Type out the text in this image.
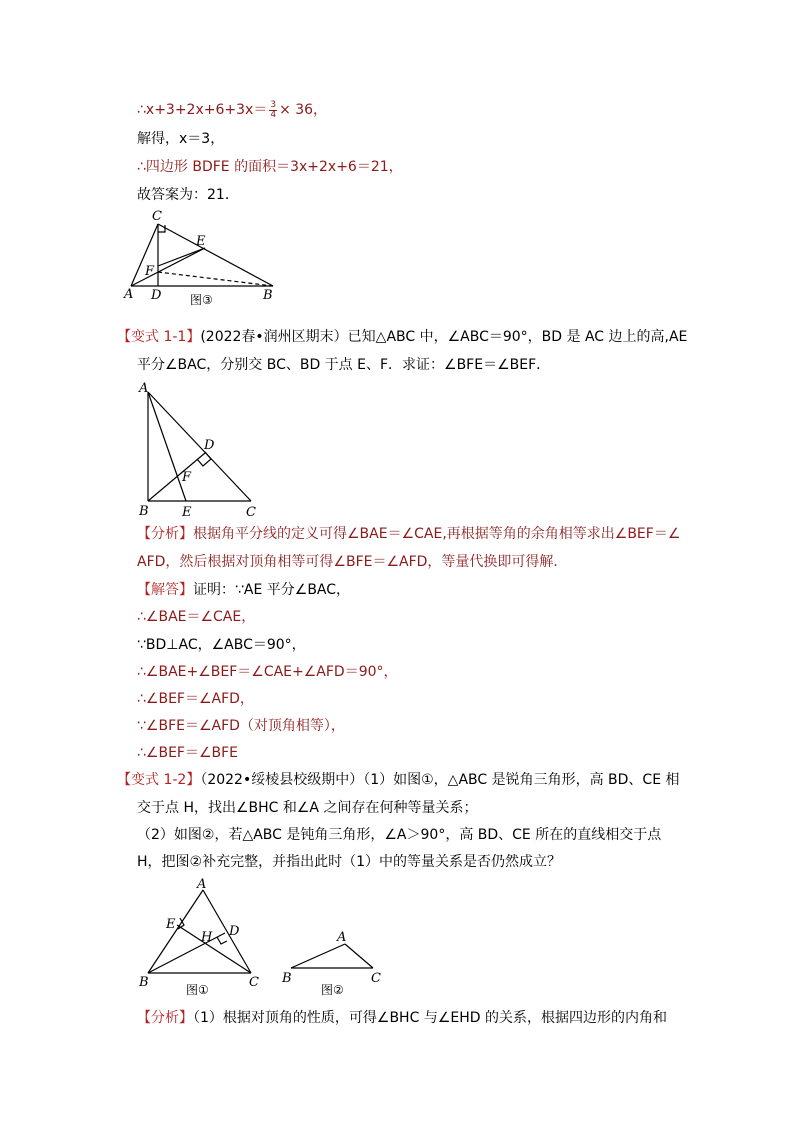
∴x+3+2x+6+3x＝ $\frac{3}{4} \times 36$，
解得，x＝3，
∴四边形 BDFE 的面积＝3x+2x+6＝21，
故答案为：21．
C
E
F
A D	B
图③
A
D
F
B	E	C
A
E
H D
B	C
图①
A
B	C
图②
【变式 1-1】(2022春•润州区期末）已知△ABC 中，∠ABC＝90°，BD 是 AC 边上的高,AE
平分∠BAC，分别交 BC、BD 于点 E、F．求证：∠BFE＝∠BEF．
【分析】根据角平分线的定义可得∠BAE＝∠CAE,再根据等角的余角相等求出∠BEF＝∠
AFD，然后根据对顶角相等可得∠BFE＝∠AFD，等量代换即可得解．
【解答】证明：∵AE 平分∠BAC，
∴∠BAE＝∠CAE，
∵BD⊥AC，∠ABC＝90°，
∴∠BAE+∠BEF＝∠CAE+∠AFD＝90°，
∴∠BEF＝∠AFD，
∵∠BFE＝∠AFD（对顶角相等），
∴∠BEF＝∠BFE
【变式 1-2】（2022•绥棱县校级期中）（1）如图①，△ABC 是锐角三角形，高 BD、CE 相
交于点 H，找出∠BHC 和∠A 之间存在何种等量关系；
（2）如图②，若△ABC 是钝角三角形，∠A＞90°，高 BD、CE 所在的直线相交于点
H，把图②补充完整，并指出此时（1）中的等量关系是否仍然成立？
【分析】（1）根据对顶角的性质，可得∠BHC 与∠EHD 的关系，根据四边形的内角和
